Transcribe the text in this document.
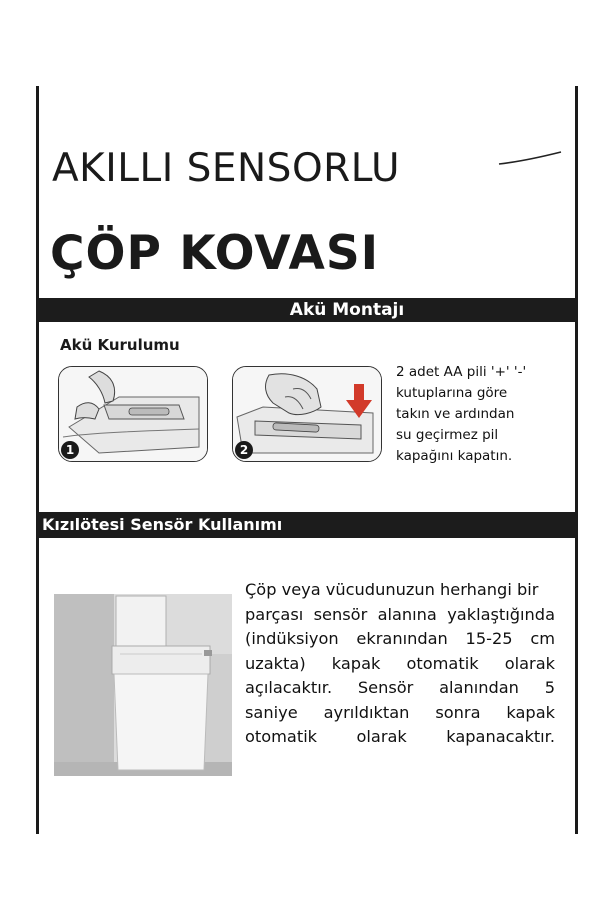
AKILLI SENSORLU
ÇÖP KOVASI
Akü Montajı
Akü Kurulumu
1	2
2 adet AA pili '+' '-'
kutuplarına göre
takın ve ardından
su geçirmez pil
kapağını kapatın.
Kızılötesi Sensör Kullanımı
Çöp veya vücudunuzun herhangi bir
parçası sensör alanına yaklaştığında
(indüksiyon ekranından 15-25 cm
uzakta) kapak otomatik olarak
açılacaktır. Sensör alanından 5
saniye ayrıldıktan sonra kapak
otomatik olarak kapanacaktır.
